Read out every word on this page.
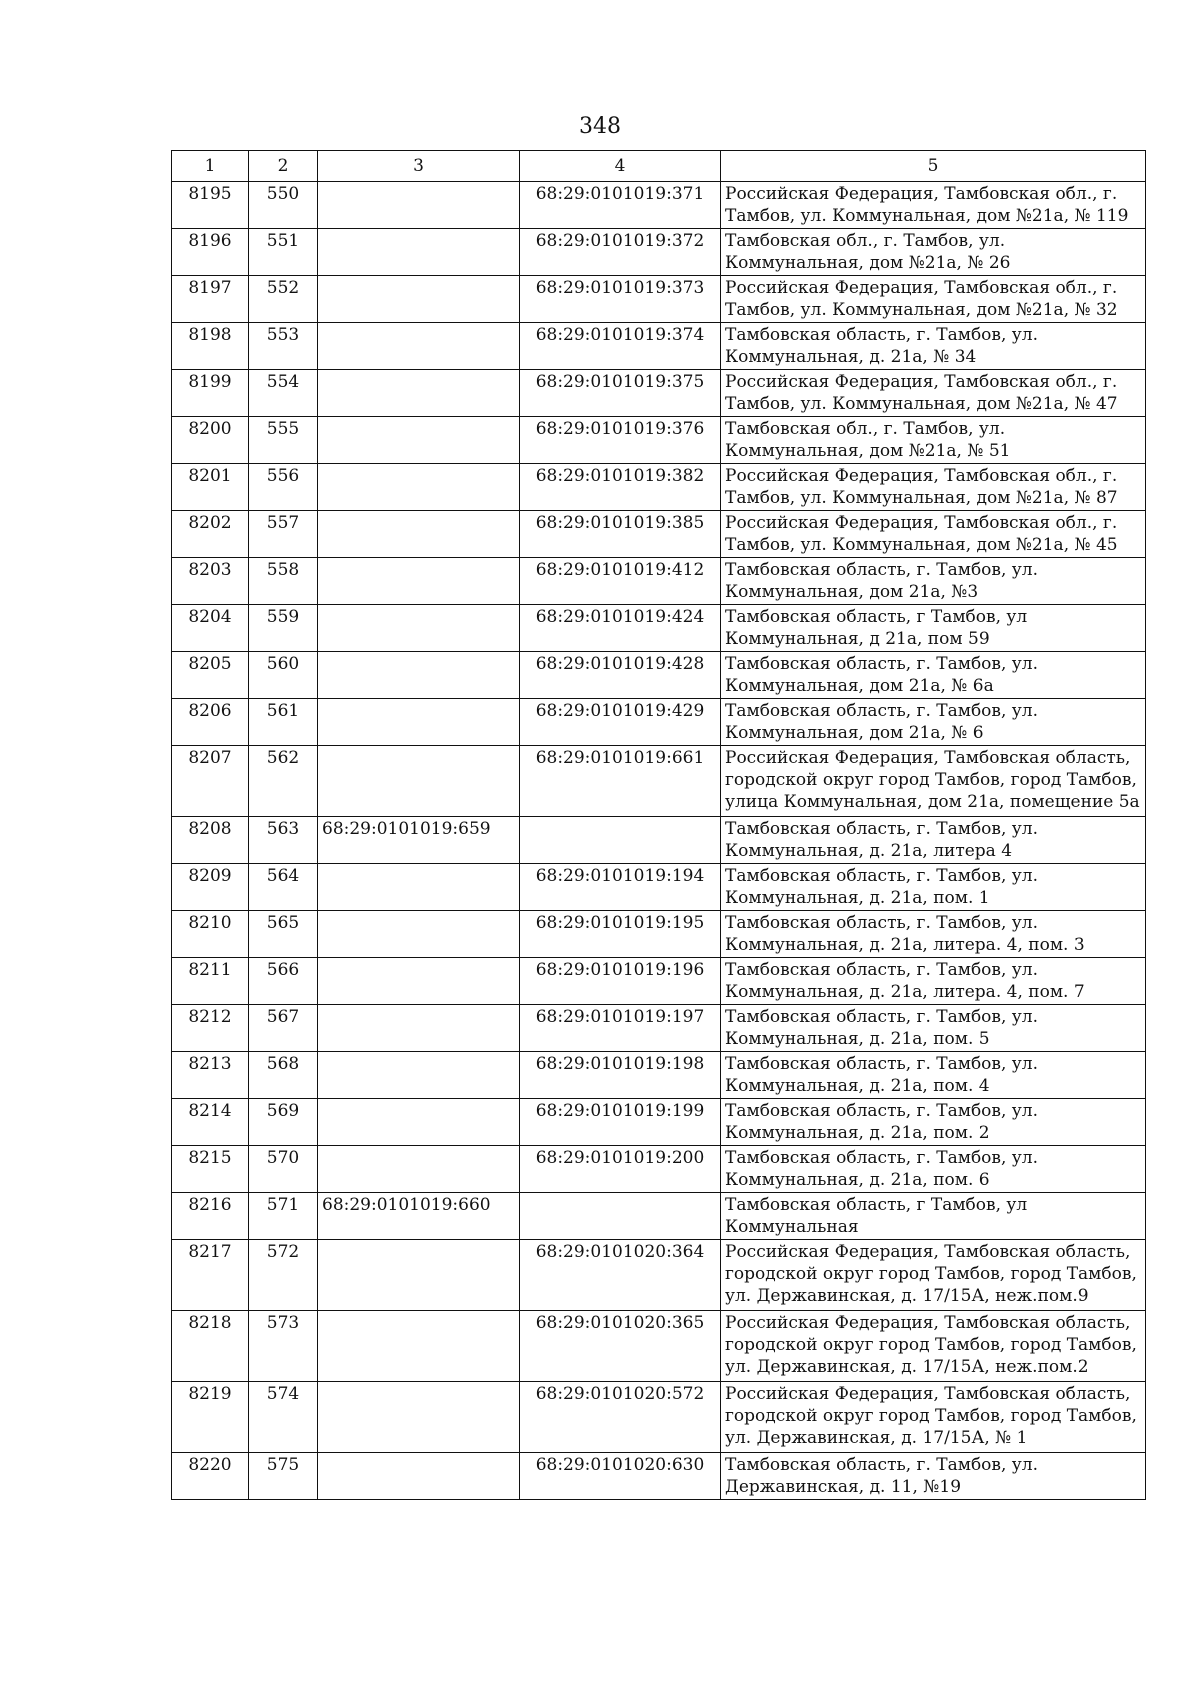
348
1	2	3	4	5
8195	550		68:29:0101019:371	Российская Федерация, Тамбовская обл., г. Тамбов, ул. Коммунальная, дом №21а, № 119
8196	551		68:29:0101019:372	Тамбовская обл., г. Тамбов, ул. Коммунальная, дом №21а, № 26
8197	552		68:29:0101019:373	Российская Федерация, Тамбовская обл., г. Тамбов, ул. Коммунальная, дом №21а, № 32
8198	553		68:29:0101019:374	Тамбовская область, г. Тамбов, ул. Коммунальная, д. 21а, № 34
8199	554		68:29:0101019:375	Российская Федерация, Тамбовская обл., г. Тамбов, ул. Коммунальная, дом №21а, № 47
8200	555		68:29:0101019:376	Тамбовская обл., г. Тамбов, ул. Коммунальная, дом №21а, № 51
8201	556		68:29:0101019:382	Российская Федерация, Тамбовская обл., г. Тамбов, ул. Коммунальная, дом №21а, № 87
8202	557		68:29:0101019:385	Российская Федерация, Тамбовская обл., г. Тамбов, ул. Коммунальная, дом №21а, № 45
8203	558		68:29:0101019:412	Тамбовская область, г. Тамбов, ул. Коммунальная, дом 21а, №3
8204	559		68:29:0101019:424	Тамбовская область, г Тамбов, ул Коммунальная, д 21а, пом 59
8205	560		68:29:0101019:428	Тамбовская область, г. Тамбов, ул. Коммунальная, дом 21а, № 6а
8206	561		68:29:0101019:429	Тамбовская область, г. Тамбов, ул. Коммунальная, дом 21а, № 6
8207	562		68:29:0101019:661	Российская Федерация, Тамбовская область, городской округ город Тамбов, город Тамбов, улица Коммунальная, дом 21а, помещение 5а
8208	563	68:29:0101019:659		Тамбовская область, г. Тамбов, ул. Коммунальная, д. 21а, литера 4
8209	564		68:29:0101019:194	Тамбовская область, г. Тамбов, ул. Коммунальная, д. 21а, пом. 1
8210	565		68:29:0101019:195	Тамбовская область, г. Тамбов, ул. Коммунальная, д. 21а, литера. 4, пом. 3
8211	566		68:29:0101019:196	Тамбовская область, г. Тамбов, ул. Коммунальная, д. 21а, литера. 4, пом. 7
8212	567		68:29:0101019:197	Тамбовская область, г. Тамбов, ул. Коммунальная, д. 21а, пом. 5
8213	568		68:29:0101019:198	Тамбовская область, г. Тамбов, ул. Коммунальная, д. 21а, пом. 4
8214	569		68:29:0101019:199	Тамбовская область, г. Тамбов, ул. Коммунальная, д. 21а, пом. 2
8215	570		68:29:0101019:200	Тамбовская область, г. Тамбов, ул. Коммунальная, д. 21а, пом. 6
8216	571	68:29:0101019:660		Тамбовская область, г Тамбов, ул Коммунальная
8217	572		68:29:0101020:364	Российская Федерация, Тамбовская область, городской округ город Тамбов, город Тамбов, ул. Державинская, д. 17/15А, неж.пом.9
8218	573		68:29:0101020:365	Российская Федерация, Тамбовская область, городской округ город Тамбов, город Тамбов, ул. Державинская, д. 17/15А, неж.пом.2
8219	574		68:29:0101020:572	Российская Федерация, Тамбовская область, городской округ город Тамбов, город Тамбов, ул. Державинская, д. 17/15А, № 1
8220	575		68:29:0101020:630	Тамбовская область, г. Тамбов, ул. Державинская, д. 11, №19
